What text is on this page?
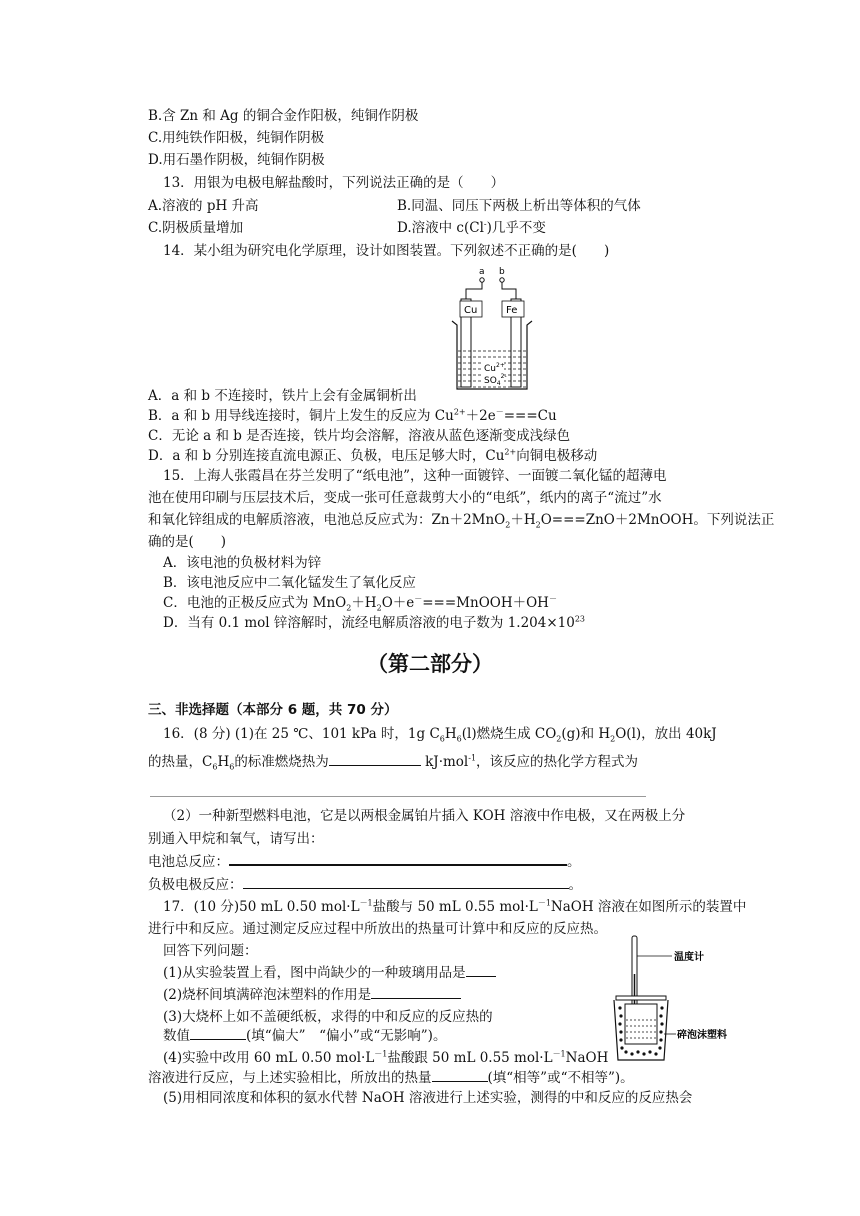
B.含 Zn 和 Ag 的铜合金作阳极，纯铜作阴极
C.用纯铁作阳极，纯铜作阴极
D.用石墨作阴极，纯铜作阴极
13．用银为电极电解盐酸时，下列说法正确的是（　　）
A.溶液的 pH 升高	B.同温、同压下两极上析出等体积的气体
C.阴极质量增加	D.溶液中 c(Cl-)几乎不变
14．某小组为研究电化学原理，设计如图装置。下列叙述不正确的是(　　)
a b
Cu	Fe
$Cu^{2+}$
$SO_4^{2-}$
A．a 和 b 不连接时，铁片上会有金属铜析出
B．a 和 b 用导线连接时，铜片上发生的反应为 $Cu^{2+}+2e^-===Cu$
C．无论 a 和 b 是否连接，铁片均会溶解，溶液从蓝色逐渐变成浅绿色
D．a 和 b 分别连接直流电源正、负极，电压足够大时，$Cu^{2+}$向铜电极移动
15．上海人张霞昌在芬兰发明了“纸电池”，这种一面镀锌、一面镀二氧化锰的超薄电
池在使用印刷与压层技术后，变成一张可任意裁剪大小的“电纸”，纸内的离子“流过”水
和氧化锌组成的电解质溶液，电池总反应式为：$Zn+2MnO_2+H_2O===ZnO+2MnOOH$。下列说法正
确的是(　　)
A．该电池的负极材料为锌
B．该电池反应中二氧化锰发生了氧化反应
C．电池的正极反应式为 $MnO_2+H_2O+e^-===MnOOH+OH^-$
D．当有 0.1 mol 锌溶解时，流经电解质溶液的电子数为 $1.204\times 10^{23}$
（第二部分）
三、非选择题（本部分 6 题，共 70 分）
16．(8 分) (1)在 25 ℃、101 kPa 时，1g $C_6H_6(l)$燃烧生成 $CO_2(g)$和 $H_2O(l)$，放出 40kJ
的热量，$C_6H_6$的标准燃烧热为	kJ·mol$^{-1}$，该反应的热化学方程式为
（2）一种新型燃料电池，它是以两根金属铂片插入 KOH 溶液中作电极，又在两极上分
别通入甲烷和氧气，请写出：
电池总反应：	。
负极电极反应：	。
17．(10 分)50 mL 0.50 $mol\cdot L^{-1}$盐酸与 50 mL 0.55 $mol\cdot L^{-1}NaOH$ 溶液在如图所示的装置中
进行中和反应。通过测定反应过程中所放出的热量可计算中和反应的反应热。
回答下列问题：
(1)从实验装置上看，图中尚缺少的一种玻璃用品是
(2)烧杯间填满碎泡沫塑料的作用是
(3)大烧杯上如不盖硬纸板，求得的中和反应的反应热的
数值	(填“偏大”　“偏小”或“无影响”)。
(4)实验中改用 60 mL 0.50 $mol\cdot L^{-1}$盐酸跟 50 mL 0.55 $mol\cdot L^{-1}NaOH$
溶液进行反应，与上述实验相比，所放出的热量	(填“相等”或“不相等”)。
(5)用相同浓度和体积的氨水代替 NaOH 溶液进行上述实验，测得的中和反应的反应热会
温度计
碎泡沫塑料
